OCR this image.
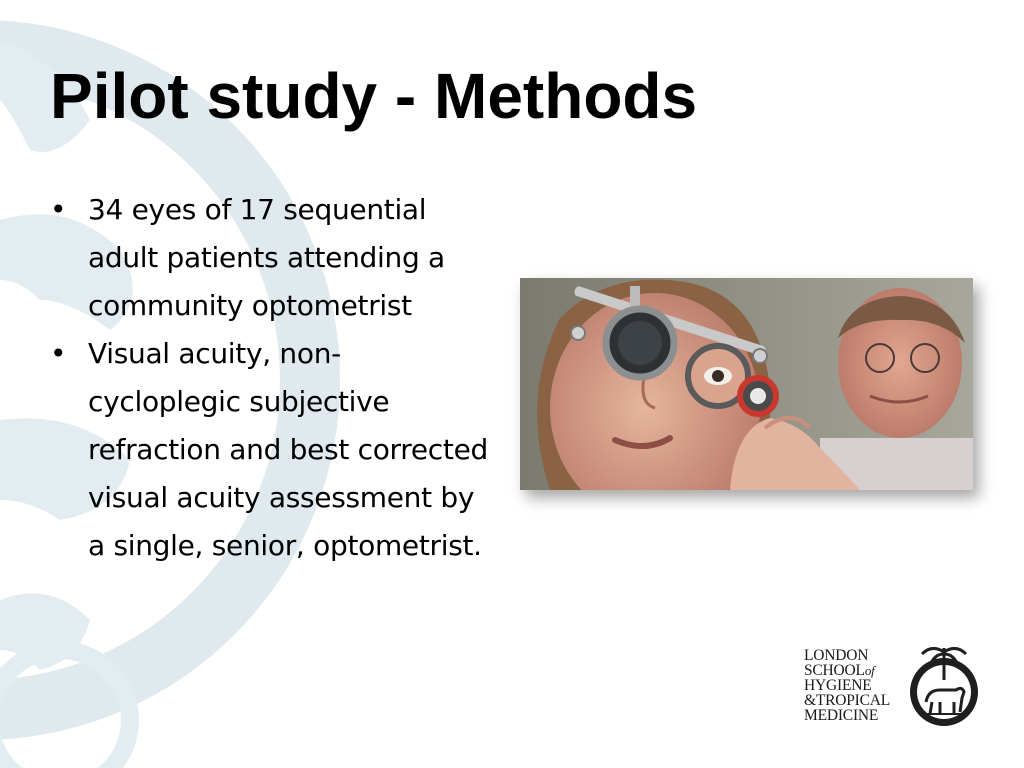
Pilot study - Methods
• 34 eyes of 17 sequential adult patients attending a community optometrist
• Visual acuity, non-cycloplegic subjective refraction and best corrected visual acuity assessment by a single, senior, optometrist.
LONDON
SCHOOLof
HYGIENE
&TROPICAL
MEDICINE
